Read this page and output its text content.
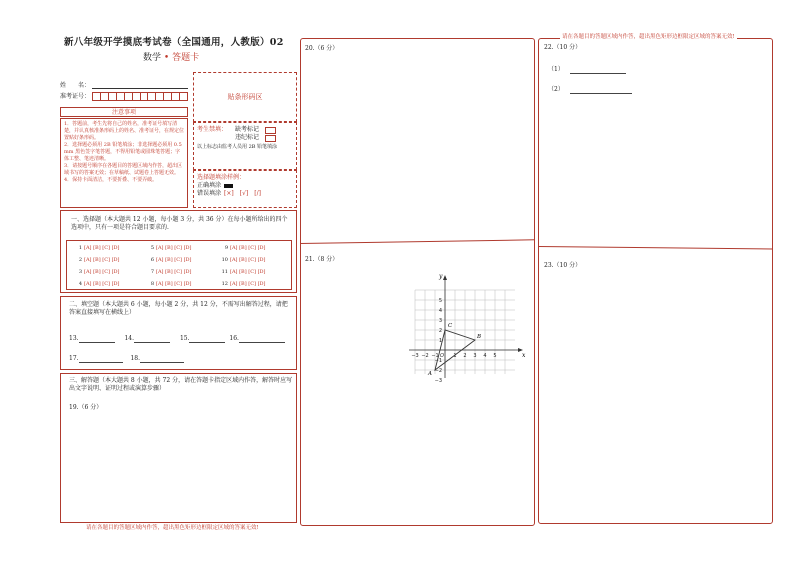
新八年级开学摸底考试卷（全国通用，人教版）02
数学 • 答题卡
姓　　名：
准考证号：	贴条形码区
注意事项
1．答题前，考生先将自己的姓名，准考证号填写清楚，并认真核准条形码上的姓名、准考证号，在规定位置贴好条形码。
2．选择题必须用 2B 铅笔填涂；非选择题必须用 0.5 mm 黑色签字笔答题，不得用铅笔或圆珠笔答题；字体工整、笔迹清晰。
3．请按题号顺序在各题目的答题区域内作答，超出区域书写的答案无效；在草稿纸、试题卷上答题无效。
4．保持卡面清洁，不要折叠、不要弄破。
考生禁填：	缺考标记
违纪标记
以上标志由监考人员用 2B 铅笔填涂
选择题填涂样例：
正确填涂
错误填涂 [×]　[√]　[/]
一、选择题（本大题共 12 小题，每小题 3 分，共 36 分）在每小题所给出的四个选项中，只有一项是符合题目要求的.
1 [A] [B] [C] [D]
2 [A] [B] [C] [D]
3 [A] [B] [C] [D]
4 [A] [B] [C] [D]
5 [A] [B] [C] [D]
6 [A] [B] [C] [D]
7 [A] [B] [C] [D]
8 [A] [B] [C] [D]
9 [A] [B] [C] [D]
10 [A] [B] [C] [D]
11 [A] [B] [C] [D]
12 [A] [B] [C] [D]
二、填空题（本大题共 6 小题，每小题 2 分，共 12 分，不需写出解答过程，请把答案直接填写在横线上）
13.	14.	15.	16.
17.	18.
三、解答题（本大题共 8 小题，共 72 分，请在答题卡指定区域内作答，解答时应写出文字说明、证明过程或演算步骤）
19.（6 分）
请在各题目的答题区域内作答，超出黑色矩形边框限定区域的答案无效!
20.（6 分）
21.（8 分）
x
y
−3 −2 −1 O 1 2 3 4 5
5
4
3
2
1
−1
−2
−3
A
B
C
请在各题目的答题区域内作答，超出黑色矩形边框限定区域的答案无效!
22.（10 分）
（1）
（2）
23.（10 分）
